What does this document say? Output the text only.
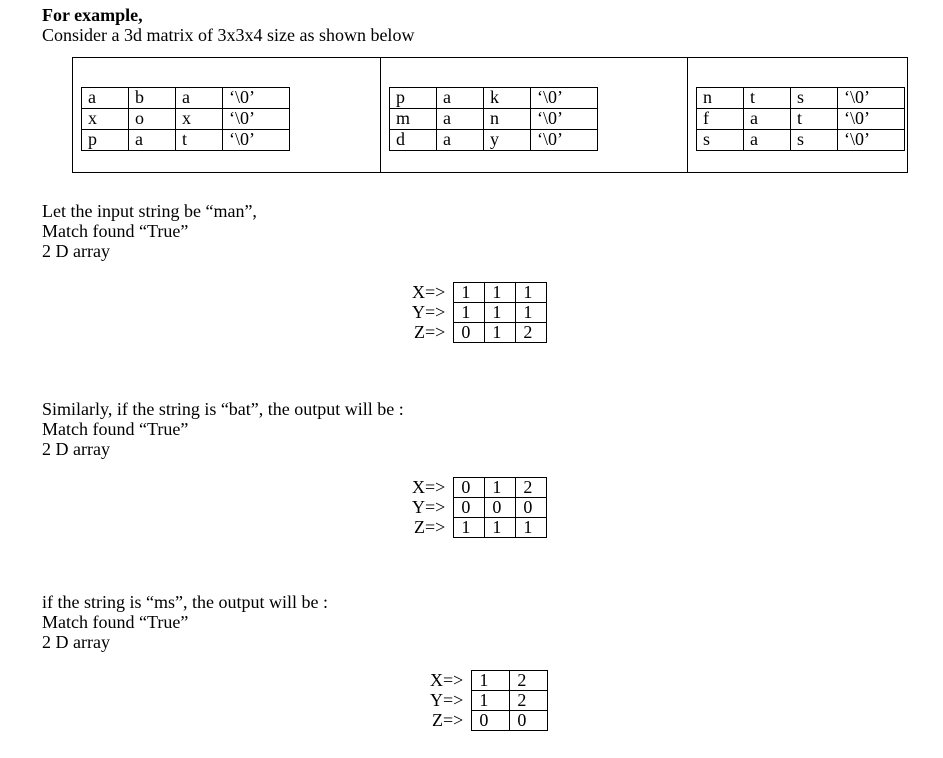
For example,
Consider a 3d matrix of 3x3x4 size as shown below
a	b	a	‘\0’
x	o	x	‘\0’
p	a	t	‘\0’

p	a	k	‘\0’
m	a	n	‘\0’
d	a	y	‘\0’

n	t	s	‘\0’
f	a	t	‘\0’
s	a	s	‘\0’
Let the input string be “man”,
Match found “True”
2 D array
X=>	1	1	1
Y=>	1	1	1
Z=>	0	1	2
Similarly, if the string is “bat”, the output will be :
Match found “True”
2 D array
X=>	0	1	2
Y=>	0	0	0
Z=>	1	1	1
if the string is “ms”, the output will be :
Match found “True”
2 D array
X=>	1	2
Y=>	1	2
Z=>	0	0
